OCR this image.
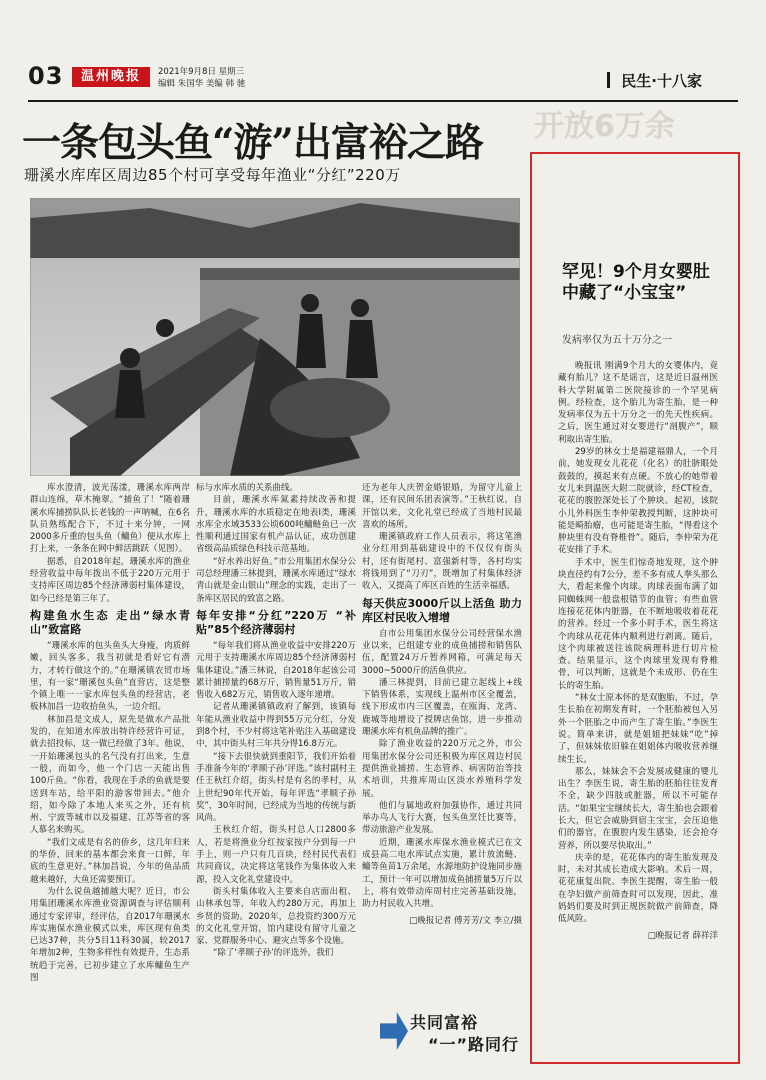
03	温州晚报	2021年9月8日 星期三
编辑 朱国华 美编 韩 驰	民生·十八家
一条包头鱼“游”出富裕之路
珊溪水库库区周边85个村可享受每年渔业“分红”220万

库水澄清，波光荡漾，珊溪水库两岸群山连绵，草木掩翠。“捕鱼了！”随着珊溪水库捕捞队队长老钱的一声呐喊，在6名队员熟练配合下，不过十来分钟，一网2000多斤重的包头鱼（鳙鱼）便从水库上打上来，一条条在网中鲜活跳跃（见图）。

据悉，自2018年起，珊溪水库的渔业经营收益中每年拨出不低于220万元用于支持库区周边85个经济薄弱村集体建设，如今已经是第三年了。

构建鱼水生态 走出“绿水青山”致富路

“珊溪水库的包头鱼头大身瘦，肉质鲜嫩，回头客多，我当初就是看好它有潜力，才转行做这个的。”在珊溪镇农贸市场里，有一家“珊溪包头鱼”直营店，这是整个镇上唯一一家水库包头鱼的经营店，老板林加昌一边收拾鱼头，一边介绍。

林加昌是文成人，原先是做水产品批发的，在知道水库放出特许经营许可证，就去招投标，这一做已经做了3年。他说，一开始珊溪包头的名气没有打出来，生意一般，而如今，他一个门店一天能出售100斤鱼。“你看，我现在手杀的鱼就是要送到车站，给平阳的游客带回去。”他介绍，如今除了本地人来买之外，还有杭州、宁波等城市以及福建、江苏等省的客人慕名来购买。

“我们文成是有名的侨乡，这几年归来的华侨，回来的基本都会来食一口鲜，年底的生意更好。”林加昌说，今年的鱼品质越来越好，大鱼还需要预订。

为什么说鱼越捕越大呢？近日，市公用集团珊溪水库渔业资源调查与评估顺利通过专家评审，经评估，自2017年珊溪水库实施保水渔业模式以来，库区现有鱼类已达37种，共分5目11科30属，较2017年增加2种，生物多样性有效提升，生态系统趋于完善，已初步建立了水库鳙鱼生产图

标与水库水质的关系曲线。

目前，珊溪水库氮素持续改善和提升，珊溪水库的水质稳定在地表I类，珊溪水库全水域3533公顷600吨鳙鲢鱼已一次性顺利通过国家有机产品认证，成功创建省级高品质绿色科技示范基地。

“好水养出好鱼。”市公用集团水保分公司总经理潘三林提到，珊溪水库通过“绿水青山就是金山银山”理念的实践，走出了一条库区居民的致富之路。

每年安排“分红”220万 “补贴”85个经济薄弱村

“每年我们将从渔业收益中安排220万元用于支持珊溪水库周边85个经济薄弱村集体建设。”潘三林说，自2018年起该公司累计捕捞量约68万斤，销售量51万斤，销售收入682万元，销售收入逐年递增。

记者从珊溪镇镇政府了解到，该镇每年能从渔业收益中得到55万元分红，分发到8个村，不少村将这笔补贴注入基础建设中，其中街头村三年共分得16.8万元。

“接下去很快就到重阳节，我们开始着手准备今年的‘孝顺子孙’评选。”该村副村主任王秋红介绍，街头村是有名的孝村，从上世纪90年代开始，每年评选“孝顺子孙奖”，30年时间，已经成为当地的传统与新风尚。

王秋红介绍，街头村总人口2800多人，若是将渔业分红按家按户分到每一户手上，则一户只有几百块，经村民代表们共同商议，决定将这笔钱作为集体收入来源，投入文化礼堂建设中。

街头村集体收入主要来自店面出租、山林承包等，年收入约280万元，再加上乡贤的资助。2020年，总投资约300万元的文化礼堂开馆，馆内建设有留守儿童之家、党群服务中心、避灾点等多个设施。

“除了‘孝顺子孙’的评选外，我们

还为老年人庆贺金婚银婚，为留守儿童上课，还有民间乐团表演等。”王秋红说，自开馆以来，文化礼堂已经成了当地村民最喜欢的场所。

珊溪镇政府工作人员表示，将这笔渔业分红用到基础建设中的不仅仅有街头村，还有街尾村、富强新村等，各村均实将钱用到了“刀刃”，既增加了村集体经济收入，又提高了库区百姓的生活幸福感。

每天供应3000斤以上活鱼 助力库区村民收入增增

自市公用集团水保分公司经营保水渔业以来，已组建专业的成鱼捕捞和销售队伍，配置24万斤暂养网箱，可满足每天3000~5000斤的活鱼供应。

潘三林提到，目前已建立起线上+线下销售体系，实现线上温州市区全覆盖，线下形成市内三区覆盖，在瓯海、龙湾、鹿城等地增设了授牌店鱼馆，进一步推动珊溪水库有机鱼品牌的推广。

除了渔业收益的220万元之外，市公用集团水保分公司还积极为库区周边村民提供渔业捕捞、生态管养、病害防治等技术培训，共推库周山区淡水养殖科学发展。

他们与属地政府加强协作，通过共同举办鸟人飞行大赛，包头鱼烹饪比赛等，带动旅游产业发展。

近期，珊溪水库保水渔业模式已在文成县高二电水库试点实施，累计放流鲢、鳙等鱼苗1万余尾，水源地防护设施同步施工，预计一年可以增加成鱼捕捞量5万斤以上，将有效带动库周村庄完善基础设施，助力村民收入共增。

□晚报记者 傅芳芳/文 李立/摄

共同富裕
“一”路同行
开放6万余
罕见！9个月女婴肚中藏了“小宝宝”
发病率仅为五十万分之一

晚报讯 刚满9个月大的女婴体内，竟藏有胎儿？这不是谣言，这是近日温州医科大学附属第二医院接诊的一个罕见病例。经检查，这个胎儿为寄生胎，是一种发病率仅为五十万分之一的先天性疾病。之后，医生通过对女婴进行“剖腹产”，顺利取出寄生胎。

29岁的林女士是福建福鼎人，一个月前，她发现女儿花花（化名）的肚脐眼处鼓鼓的，摸起来有点硬。不放心的她带着女儿来到温医大附二院就诊，经CT检查，花花的腹腔深处长了个肿块。起初，该院小儿外科医生李仲荣教授判断，这肿块可能是畸胎瘤，也可能是寄生胎，“得看这个肿块里有没有脊椎骨”。随后，李仲荣为花花安排了手术。

手术中，医生们惊奇地发现，这个肿块直径约有7公分，差不多有成人拳头那么大，看起来像个肉球。肉球表面布满了如同蜘蛛网一般盘根错节的血管；有些血管连接花花体内脏器，在不断地吸收着花花的营养。经过一个多小时手术，医生将这个肉球从花花体内顺利进行剥离。随后，这个肉球被送往该院病理科进行切片检查。结果显示，这个肉球里发现有脊椎骨，可以判断，这就是个未成形、仍在生长的寄生胎。

“林女士原本怀的是双胞胎，不过，孕生长胎在初期发育时，一个胚胎被包入另外一个胚胎之中而产生了寄生胎。”李医生说。简单来讲，就是姐姐把妹妹“吃”掉了，但妹妹依旧躲在姐姐体内吸收营养继续生长。

那么，妹妹会不会发展成健康的婴儿出生？李医生说，寄生胎的胚胎往往发育不全，缺少四肢或脏器，所以不可能存活。“如果宝宝继续长大，寄生胎也会跟着长大，但它会威胁到宿主宝宝，会压迫他们的器官，在腹腔内发生感染，还会抢夺营养，所以要尽快取出。”

庆幸的是，花花体内的寄生胎发现及时，未对其成长造成大影响。术后一周，花花康复出院。李医生提醒，寄生胎一般在孕妇做产前筛查时可以发现，因此，准妈妈们要及时到正规医院做产前筛查，降低风险。

□晚报记者 薛祥洋
